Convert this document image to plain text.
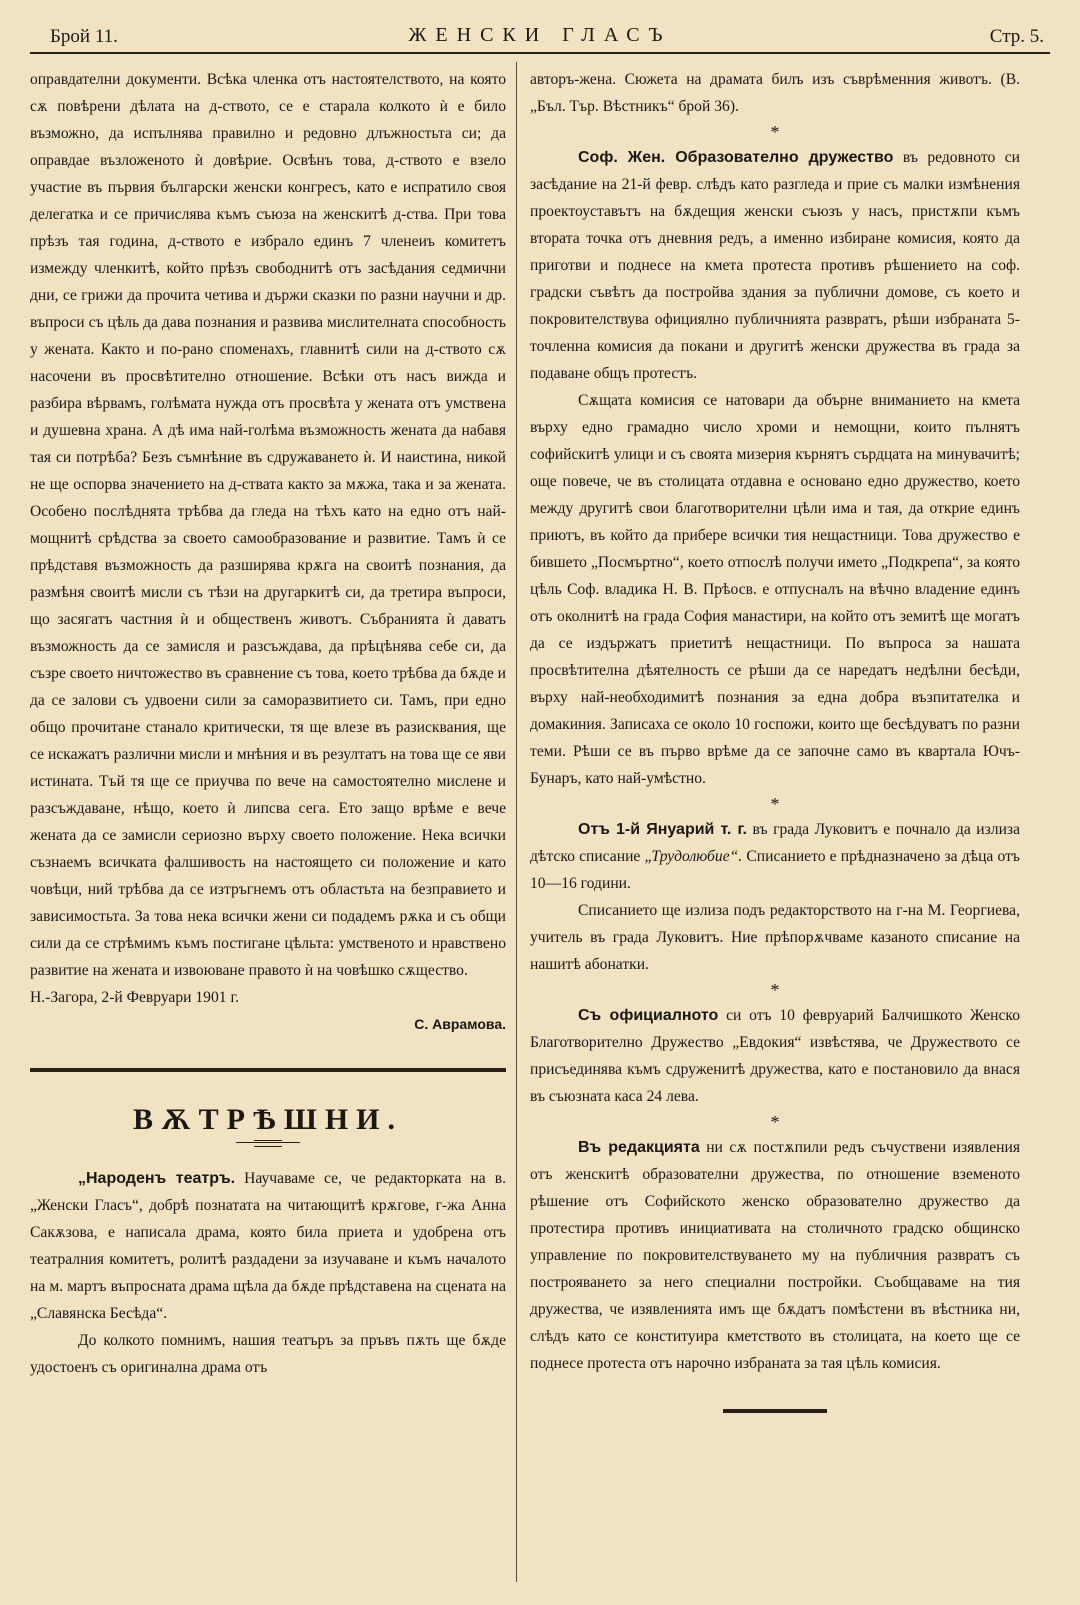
Брой 11.	ЖЕНСКИ ГЛАСЪ	Стр. 5.

оправдателни документи. Всѣка членка отъ настоятелството, на която сѫ повѣрени дѣлата на д-ството, се е старала колкото ѝ е било възможно, да испълнява правилно и редовно длъжностьта си; да оправдае възложеното ѝ довѣрие. Освѣнъ това, д-ството е взело участие въ първия български женски конгресъ, като е испратило своя делегатка и се причислява къмъ съюза на женскитѣ д-ства. При това прѣзъ тая година, д-ството е избрало единъ 7 членеиъ комитетъ измежду членкитѣ, който прѣзъ свободнитѣ отъ засѣдания седмични дни, се грижи да прочита четива и държи сказки по разни научни и др. въпроси съ цѣль да дава познания и развива мислителната способность у жената. Както и по-рано споменахъ, главнитѣ сили на д-ството сѫ насочени въ просвѣтително отношение. Всѣки отъ насъ вижда и разбира вѣрвамъ, голѣмата нужда отъ просвѣта у жената отъ умствена и душевна храна. А дѣ има най-голѣма възможность жената да набавя тая си потрѣба? Безъ съмнѣние въ сдружаването ѝ. И наистина, никой не ще оспорва значението на д-ствата както за мѫжа, така и за жената. Особено послѣднята трѣбва да гледа на тѣхъ като на едно отъ най-мощнитѣ срѣдства за своето самообразование и развитие. Тамъ ѝ се прѣдставя възможность да разширява крѫга на своитѣ познания, да размѣня своитѣ мисли съ тѣзи на другаркитѣ си, да третира въпроси, що засягатъ частния ѝ и общественъ животъ. Събранията ѝ даватъ възможность да се замисля и разсъждава, да прѣцѣнява себе си, да съзре своето ничтожество въ сравнение съ това, което трѣбва да бѫде и да се залови съ удвоени сили за саморазвитието си. Тамъ, при едно общо прочитане станало критически, тя ще влезе въ разисквания, ще се искажатъ различни мисли и мнѣния и въ резултатъ на това ще се яви истината. Тъй тя ще се приучва по вече на самостоятелно мислене и разсъждаване, нѣщо, което ѝ липсва сега. Ето защо врѣме е вече жената да се замисли сериозно върху своето положение. Нека всички съзнаемъ всичката фалшивость на настоящето си положение и като човѣци, ний трѣбва да се изтръгнемъ отъ областьта на безправието и зависимостьта. За това нека всички жени си подадемъ рѫка и съ общи сили да се стрѣмимъ къмъ постигане цѣльта: умственото и нравствено развитие на жената и извоюване правото ѝ на човѣшко сѫщество.

Н.-Загора, 2-й Февруари 1901 г.

С. Аврамова.

ВѪТРѢШНИ.

„Народенъ театръ. Научаваме се, че редакторката на в. „Женски Гласъ“, добрѣ познатата на читающитѣ крѫгове, г-жа Анна Сакѫзова, е написала драма, която била приета и удобрена отъ театралния комитетъ, ролитѣ раздадени за изучаване и къмъ началото на м. мартъ въпросната драма щѣла да бѫде прѣдставена на сцената на „Славянска Бесѣда“.

До колкото помнимъ, нашия театъръ за пръвъ пѫть ще бѫде удостоенъ съ оригинална драма отъ

авторъ-жена. Сюжета на драмата билъ изъ съврѣменния животъ. (В. „Бъл. Тър. Вѣстникъ“ брой 36).

*

Соф. Жен. Образователно дружество въ редовното си засѣдание на 21-й февр. слѣдъ като разгледа и прие съ малки измѣнения проектоуставътъ на бѫдещия женски съюзъ у насъ, пристѫпи къмъ втората точка отъ дневния редъ, а именно избиране комисия, която да приготви и поднесе на кмета протеста противъ рѣшението на соф. градски съвѣтъ да постройва здания за публични домове, съ което и покровителствува официялно публичнията развратъ, рѣши избраната 5-точленна комисия да покани и другитѣ женски дружества въ града за подаване общъ протестъ.

Сѫщата комисия се натовари да обърне вниманието на кмета върху едно грамадно число хроми и немощни, които пълнятъ софийскитѣ улици и съ своята мизерия кърнятъ сърдцата на минувачитѣ; още повече, че въ столицата отдавна е основано едно дружество, което между другитѣ свои благотворителни цѣли има и тая, да открие единъ приютъ, въ който да прибере всички тия нещастници. Това дружество е бившето „Посмъртно“, което отпослѣ получи името „Подкрепа“, за която цѣль Соф. владика Н. В. Прѣосв. е отпусналъ на вѣчно владение единъ отъ околнитѣ на града София манастири, на който отъ земитѣ ще могатъ да се издържатъ приетитѣ нещастници. По въпроса за нашата просвѣтителна дѣятелность се рѣши да се наредатъ недѣлни бесѣди, върху най-необходимитѣ познания за една добра възпитателка и домакиния. Записаха се около 10 госпожи, които ще бесѣдуватъ по разни теми. Рѣши се въ първо врѣме да се започне само въ квартала Ючъ-Бунаръ, като най-умѣстно.

*

Отъ 1-й Януарий т. г. въ града Луковитъ е почнало да излиза дѣтско списание „Трудолюбие“. Списанието е прѣдназначено за дѣца отъ 10—16 години.

Списанието ще излиза подъ редакторството на г-на М. Георгиева, учитель въ града Луковитъ. Ние прѣпорѫчваме казаното списание на нашитѣ абонатки.

*

Съ официалното си отъ 10 февруарий Балчишкото Женско Благотворително Дружество „Евдокия“ извѣстява, че Дружеството се присъединява къмъ сдруженитѣ дружества, като е постановило да внася въ съюзната каса 24 лева.

*

Въ редакцията ни сѫ постѫпили редъ съчуствени изявления отъ женскитѣ образователни дружества, по отношение вземеното рѣшение отъ Софийското женско образователно дружество да протестира противъ инициативата на столичното градско общинско управление по покровителствуването му на публичния развратъ съ построяването за него специални постройки. Съобщаваме на тия дружества, че изявленията имъ ще бѫдатъ помѣстени въ вѣстника ни, слѣдъ като се конституира кметството въ столицата, на което ще се поднесе протеста отъ нарочно избраната за тая цѣль комисия.
